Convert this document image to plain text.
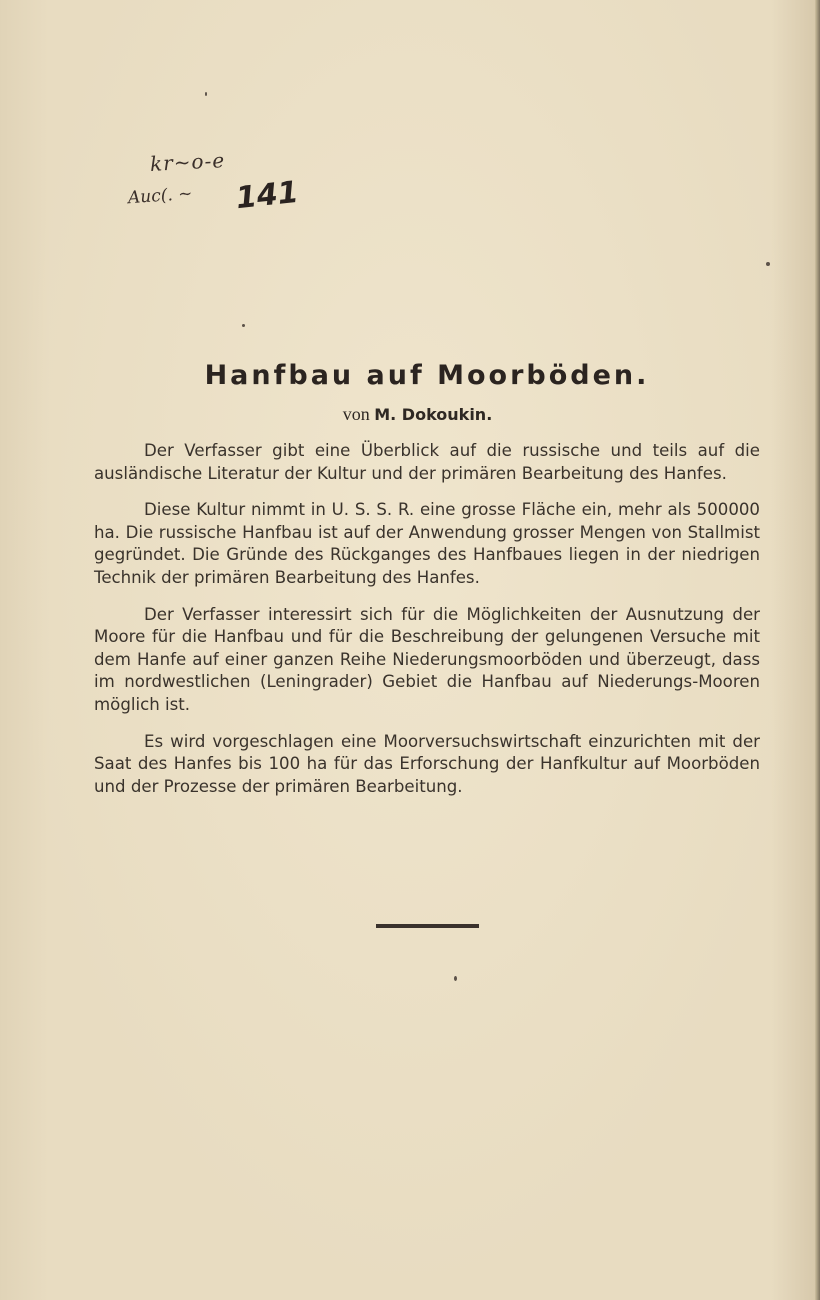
kr~o-e
Auc(. ~ 141
Hanfbau auf Moorböden.
von M. Dokoukin.

Der Verfasser gibt eine Überblick auf die russische und teils auf die ausländische Literatur der Kultur und der primären Bearbeitung des Hanfes.

Diese Kultur nimmt in U. S. S. R. eine grosse Fläche ein, mehr als 500000 ha. Die russische Hanfbau ist auf der Anwendung grosser Mengen von Stallmist gegründet. Die Gründe des Rückganges des Hanfbaues liegen in der niedrigen Technik der primären Bearbeitung des Hanfes.

Der Verfasser interessirt sich für die Möglichkeiten der Ausnutzung der Moore für die Hanfbau und für die Beschreibung der gelungenen Versuche mit dem Hanfe auf einer ganzen Reihe Niederungsmoorböden und überzeugt, dass im nordwestlichen (Leningrader) Gebiet die Hanfbau auf Niederungs-Mooren möglich ist.

Es wird vorgeschlagen eine Moorversuchswirtschaft einzurichten mit der Saat des Hanfes bis 100 ha für das Erforschung der Hanfkultur auf Moorböden und der Prozesse der primären Bearbeitung.
